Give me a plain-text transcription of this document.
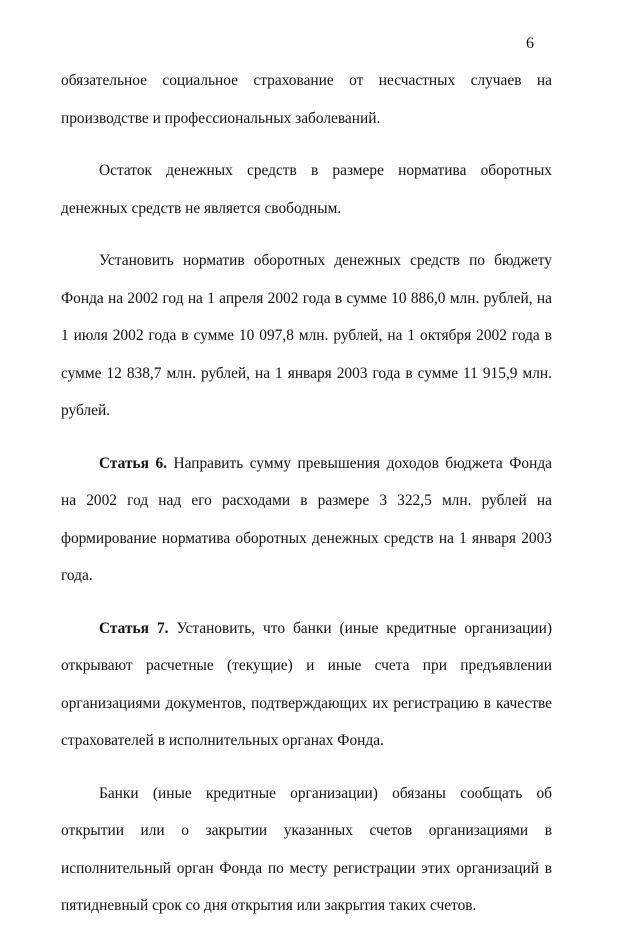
6

обязательное социальное страхование от несчастных случаев на производстве и профессиональных заболеваний.

Остаток денежных средств в размере норматива оборотных денежных средств не является свободным.

Установить норматив оборотных денежных средств по бюджету Фонда на 2002 год на 1 апреля 2002 года в сумме 10 886,0 млн. рублей, на 1 июля 2002 года в сумме 10 097,8 млн. рублей, на 1 октября 2002 года в сумме 12 838,7 млн. рублей, на 1 января 2003 года в сумме 11 915,9 млн. рублей.

Статья 6. Направить сумму превышения доходов бюджета Фонда на 2002 год над его расходами в размере 3 322,5 млн. рублей на формирование норматива оборотных денежных средств на 1 января 2003 года.

Статья 7. Установить, что банки (иные кредитные организации) открывают расчетные (текущие) и иные счета при предъявлении организациями документов, подтверждающих их регистрацию в качестве страхователей в исполнительных органах Фонда.

Банки (иные кредитные организации) обязаны сообщать об открытии или о закрытии указанных счетов организациями в исполнительный орган Фонда по месту регистрации этих организаций в пятидневный срок со дня открытия или закрытия таких счетов.
